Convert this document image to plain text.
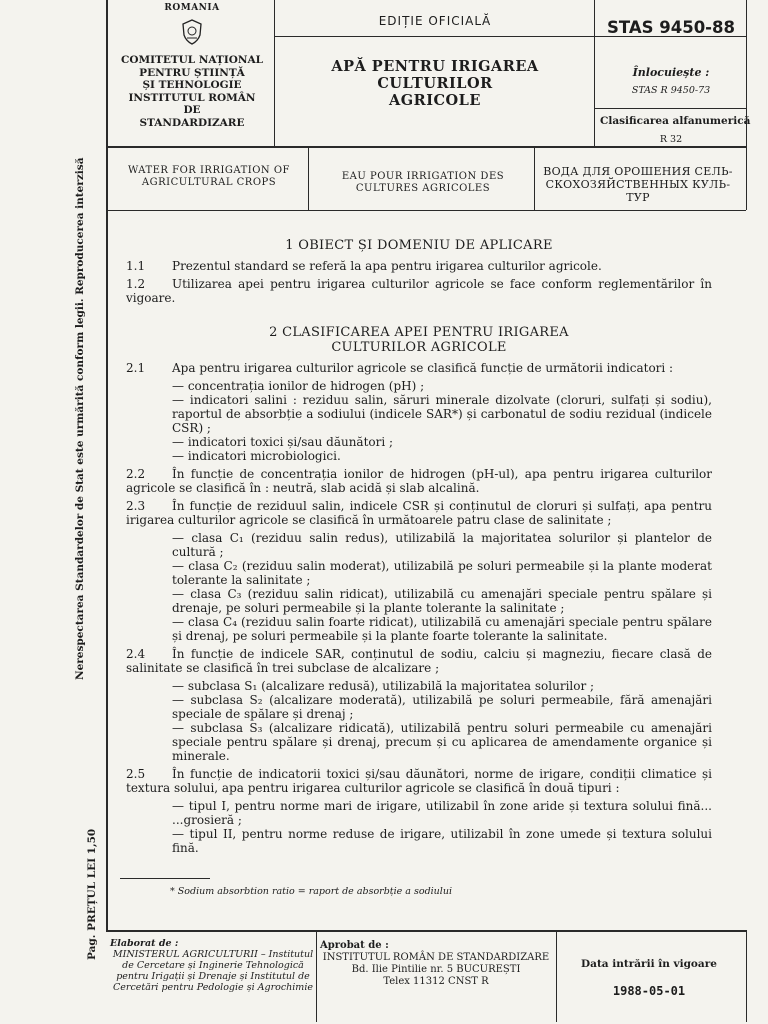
ROMANIA
COMITETUL NAȚIONAL
PENTRU ȘTIINȚĂ
ȘI TEHNOLOGIE
INSTITUTUL ROMÂN
DE
STANDARDIZARE
EDIȚIE OFICIALĂ
APĂ PENTRU IRIGAREA CULTURILOR
AGRICOLE
STAS 9450-88
Înlocuiește :
STAS R 9450-73
Clasificarea alfanumerică
R 32
WATER FOR IRRIGATION OF AGRICULTURAL CROPS
EAU POUR IRRIGATION DES CULTURES AGRICOLES
ВОДА ДЛЯ ОРОШЕНИЯ СЕЛЬ-СКОХОЗЯЙСТВЕННЫХ КУЛЬ-ТУР
Nerespectarea Standardelor de Stat este urmărită conform legii. Reproducerea interzisă
Pag. PREȚUL LEI 1,50
1 OBIECT ȘI DOMENIU DE APLICARE
1.1 Prezentul standard se referă la apa pentru irigarea culturilor agricole.
1.2 Utilizarea apei pentru irigarea culturilor agricole se face conform reglementărilor în vigoare.
2 CLASIFICAREA APEI PENTRU IRIGAREA
CULTURILOR AGRICOLE
2.1 Apa pentru irigarea culturilor agricole se clasifică funcție de următorii indicatori :
— concentrația ionilor de hidrogen (pH) ;
— indicatori salini : reziduu salin, săruri minerale dizolvate (cloruri, sulfați și sodiu), raportul de absorbție a sodiului (indicele SAR*) și carbonatul de sodiu rezidual (indicele CSR) ;
— indicatori toxici și/sau dăunători ;
— indicatori microbiologici.
2.2 În funcție de concentrația ionilor de hidrogen (pH-ul), apa pentru irigarea culturilor agricole se clasifică în : neutră, slab acidă și slab alcalină.
2.3 În funcție de reziduul salin, indicele CSR și conținutul de cloruri și sulfați, apa pentru irigarea culturilor agricole se clasifică în următoarele patru clase de salinitate ;
— clasa C₁ (reziduu salin redus), utilizabilă la majoritatea solurilor și plantelor de cultură ;
— clasa C₂ (reziduu salin moderat), utilizabilă pe soluri permeabile și la plante moderat tolerante la salinitate ;
— clasa C₃ (reziduu salin ridicat), utilizabilă cu amenajări speciale pentru spălare și drenaje, pe soluri permeabile și la plante tolerante la salinitate ;
— clasa C₄ (reziduu salin foarte ridicat), utilizabilă cu amenajări speciale pentru spălare și drenaj, pe soluri permeabile și la plante foarte tolerante la salinitate.
2.4 În funcție de indicele SAR, conținutul de sodiu, calciu și magneziu, fiecare clasă de salinitate se clasifică în trei subclase de alcalizare ;
— subclasa S₁ (alcalizare redusă), utilizabilă la majoritatea solurilor ;
— subclasa S₂ (alcalizare moderată), utilizabilă pe soluri permeabile, fără amenajări speciale de spălare și drenaj ;
— subclasa S₃ (alcalizare ridicată), utilizabilă pentru soluri permeabile cu amenajări speciale pentru spălare și drenaj, precum și cu aplicarea de amendamente organice și minerale.
2.5 În funcție de indicatorii toxici și/sau dăunători, norme de irigare, condiții climatice și textura solului, apa pentru irigarea culturilor agricole se clasifică în două tipuri :
— tipul I, pentru norme mari de irigare, utilizabil în zone aride și textura solului fină... ...grosieră ;
— tipul II, pentru norme reduse de irigare, utilizabil în zone umede și textura solului fină.
* Sodium absorbtion ratio = raport de absorbție a sodiului
Elaborat de :
MINISTERUL AGRICULTURII – Institutul de Cercetare și Inginerie Tehnologică pentru Irigații și Drenaje și Institutul de Cercetări pentru Pedologie și Agrochimie
Aprobat de :
INSTITUTUL ROMÂN DE STANDARDIZARE
Bd. Ilie Pintilie nr. 5 BUCUREȘTI
Telex 11312 CNST R
Data intrării în vigoare
1988-05-01
